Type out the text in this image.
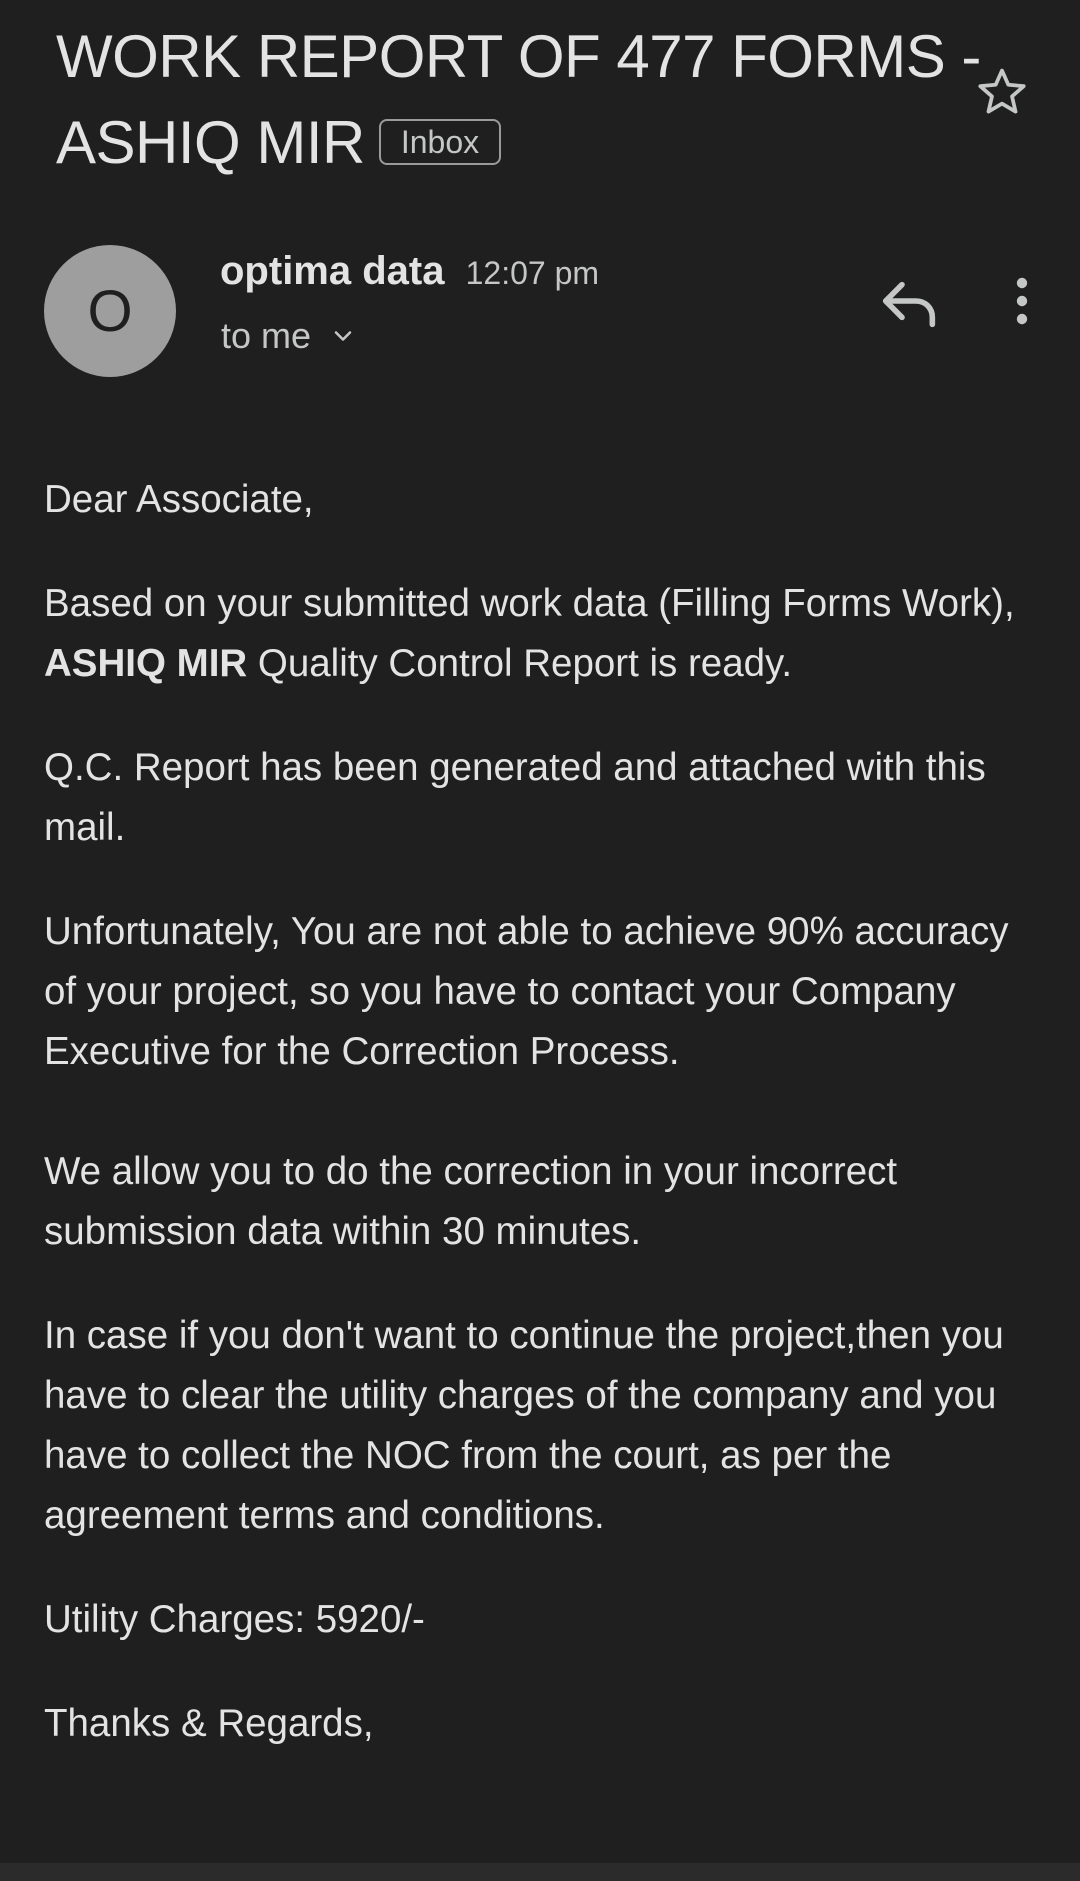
WORK REPORT OF 477 FORMS -
ASHIQ MIR Inbox
O
optima data 12:07 pm
to me

Dear Associate,

Based on your submitted work data (Filling Forms Work), ASHIQ MIR Quality Control Report is ready.

Q.C. Report has been generated and attached with this mail.

Unfortunately, You are not able to achieve 90% accuracy of your project, so you have to contact your Company Executive for the Correction Process.

We allow you to do the correction in your incorrect submission data within 30 minutes.

In case if you don't want to continue the project,then you have to clear the utility charges of the company and you have to collect the NOC from the court, as per the agreement terms and conditions.

Utility Charges: 5920/-

Thanks & Regards,
